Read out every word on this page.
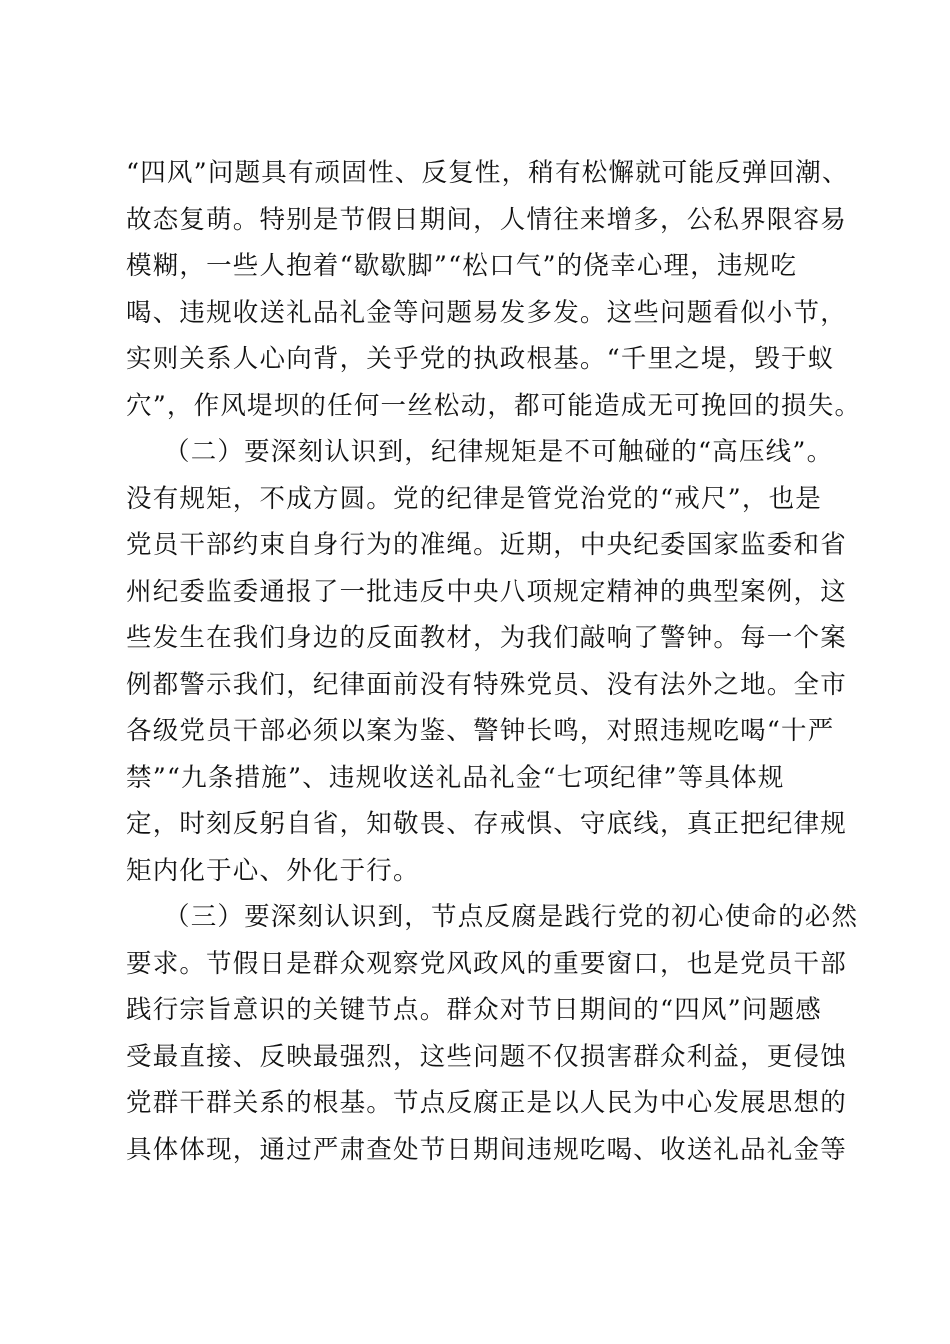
“四风”问题具有顽固性、反复性，稍有松懈就可能反弹回潮、
故态复萌。特别是节假日期间，人情往来增多，公私界限容易
模糊，一些人抱着“歇歇脚”“松口气”的侥幸心理，违规吃
喝、违规收送礼品礼金等问题易发多发。这些问题看似小节，
实则关系人心向背，关乎党的执政根基。“千里之堤，毁于蚁
穴”，作风堤坝的任何一丝松动，都可能造成无可挽回的损失。
（二）要深刻认识到，纪律规矩是不可触碰的“高压线”。
没有规矩，不成方圆。党的纪律是管党治党的“戒尺”，也是
党员干部约束自身行为的准绳。近期，中央纪委国家监委和省
州纪委监委通报了一批违反中央八项规定精神的典型案例，这
些发生在我们身边的反面教材，为我们敲响了警钟。每一个案
例都警示我们，纪律面前没有特殊党员、没有法外之地。全市
各级党员干部必须以案为鉴、警钟长鸣，对照违规吃喝“十严
禁”“九条措施”、违规收送礼品礼金“七项纪律”等具体规
定，时刻反躬自省，知敬畏、存戒惧、守底线，真正把纪律规
矩内化于心、外化于行。
（三）要深刻认识到，节点反腐是践行党的初心使命的必然
要求。节假日是群众观察党风政风的重要窗口，也是党员干部
践行宗旨意识的关键节点。群众对节日期间的“四风”问题感
受最直接、反映最强烈，这些问题不仅损害群众利益，更侵蚀
党群干群关系的根基。节点反腐正是以人民为中心发展思想的
具体体现，通过严肃查处节日期间违规吃喝、收送礼品礼金等
